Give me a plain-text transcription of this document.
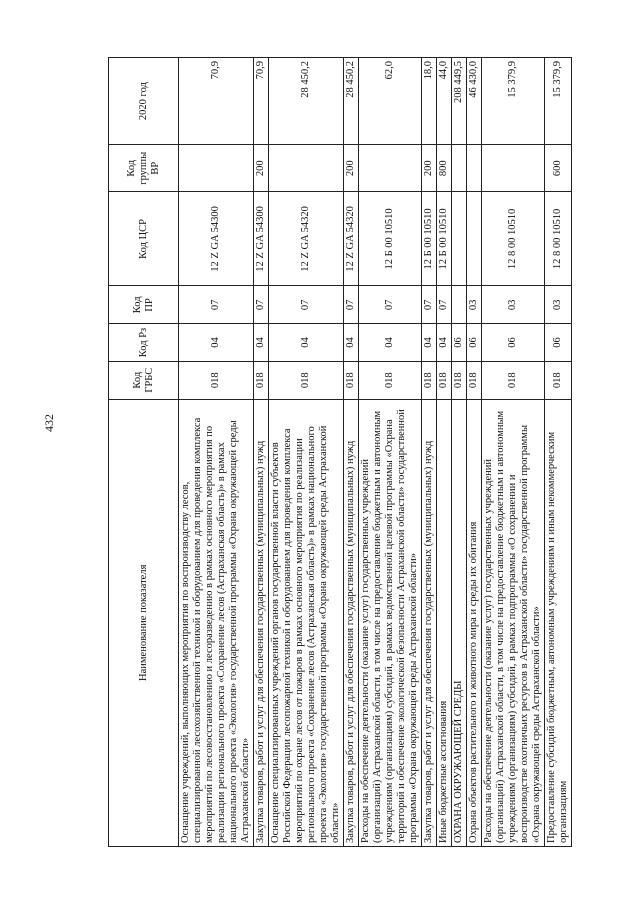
432
Наименование показателя	Код ГРБС	Код Рз	Код ПР	Код ЦСР	Код группы ВР	2020 год
Оснащение учреждений, выполняющих мероприятия по воспроизводству лесов, специализированной лесохозяйственной техникой и оборудованием для проведения комплекса мероприятий по лесовосстановлению и лесоразведению в рамках основного мероприятия по реализации регионального проекта «Сохранение лесов (Астраханская область)» в рамках национального проекта «Экология» государственной программы «Охрана окружающей среды Астраханской области»	018	04	07	12 Z GA 54300		70,9
Закупка товаров, работ и услуг для обеспечения государственных (муниципальных) нужд	018	04	07	12 Z GA 54300	200	70,9
Оснащение специализированных учреждений органов государственной власти субъектов Российской Федерации лесопожарной техникой и оборудованием для проведения комплекса мероприятий по охране лесов от пожаров в рамках основного мероприятия по реализации регионального проекта «Сохранение лесов (Астраханская область)» в рамках национального проекта «Экология» государственной программы «Охрана окружающей среды Астраханской области»	018	04	07	12 Z GA 54320		28 450,2
Закупка товаров, работ и услуг для обеспечения государственных (муниципальных) нужд	018	04	07	12 Z GA 54320	200	28 450,2
Расходы на обеспечение деятельности (оказание услуг) государственных учреждений (организаций) Астраханской области, в том числе на предоставление бюджетным и автономным учреждениям (организациям) субсидий, в рамках ведомственной целевой программы «Охрана территорий и обеспечение экологической безопасности Астраханской области» государственной программы «Охрана окружающей среды Астраханской области»	018	04	07	12 Б 00 10510		62,0
Закупка товаров, работ и услуг для обеспечения государственных (муниципальных) нужд	018	04	07	12 Б 00 10510	200	18,0
Иные бюджетные ассигнования	018	04	07	12 Б 00 10510	800	44,0
ОХРАНА ОКРУЖАЮЩЕЙ СРЕДЫ	018	06				208 449,5
Охрана объектов растительного и животного мира и среды их обитания	018	06	03			46 430,0
Расходы на обеспечение деятельности (оказание услуг) государственных учреждений (организаций) Астраханской области, в том числе на предоставление бюджетным и автономным учреждениям (организациям) субсидий, в рамках подпрограммы «О сохранении и воспроизводстве охотничьих ресурсов в Астраханской области» государственной программы «Охрана окружающей среды Астраханской области»	018	06	03	12 8 00 10510		15 379,9
Предоставление субсидий бюджетным, автономным учреждениям и иным некоммерческим организациям	018	06	03	12 8 00 10510	600	15 379,9
